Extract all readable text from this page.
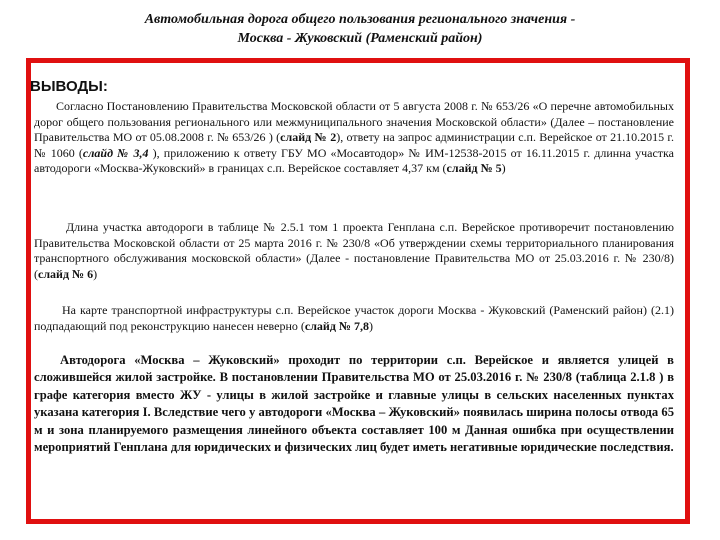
Автомобильная дорога общего пользования регионального значения -
Москва - Жуковский (Раменский район)
ВЫВОДЫ:
Согласно Постановлению Правительства Московской области от 5 августа 2008 г. № 653/26 «О перечне автомобильных дорог общего пользования регионального или межмуниципального значения Московской области» (Далее – постановление Правительства МО от 05.08.2008 г. № 653/26 ) (слайд № 2), ответу на запрос администрации с.п. Верейское от 21.10.2015 г. № 1060 (слайд № 3,4 ), приложению к ответу ГБУ МО «Мосавтодор» № ИМ-12538-2015 от 16.11.2015 г. длинна участка автодороги «Москва-Жуковский» в границах с.п. Верейское составляет 4,37 км (слайд № 5)
Длина участка автодороги в таблице № 2.5.1 том 1 проекта Генплана с.п. Верейское противоречит постановлению Правительства Московской области от 25 марта 2016 г. № 230/8 «Об утверждении схемы территориального планирования транспортного обслуживания московской области» (Далее - постановление Правительства МО от 25.03.2016 г. № 230/8) (слайд № 6)
На карте транспортной инфраструктуры с.п. Верейское участок дороги Москва - Жуковский (Раменский район) (2.1) подпадающий под реконструкцию нанесен неверно (слайд № 7,8)
Автодорога «Москва – Жуковский» проходит по территории с.п. Верейское и является улицей в сложившейся жилой застройке. В постановлении Правительства МО от 25.03.2016 г. № 230/8 (таблица 2.1.8 ) в графе категория вместо ЖУ - улицы в жилой застройке и главные улицы в сельских населенных пунктах указана категория I. Вследствие чего у автодороги «Москва – Жуковский» появилась ширина полосы отвода 65 м и зона планируемого размещения линейного объекта составляет 100 м Данная ошибка при осуществлении мероприятий Генплана для юридических и физических лиц будет иметь негативные юридические последствия.
